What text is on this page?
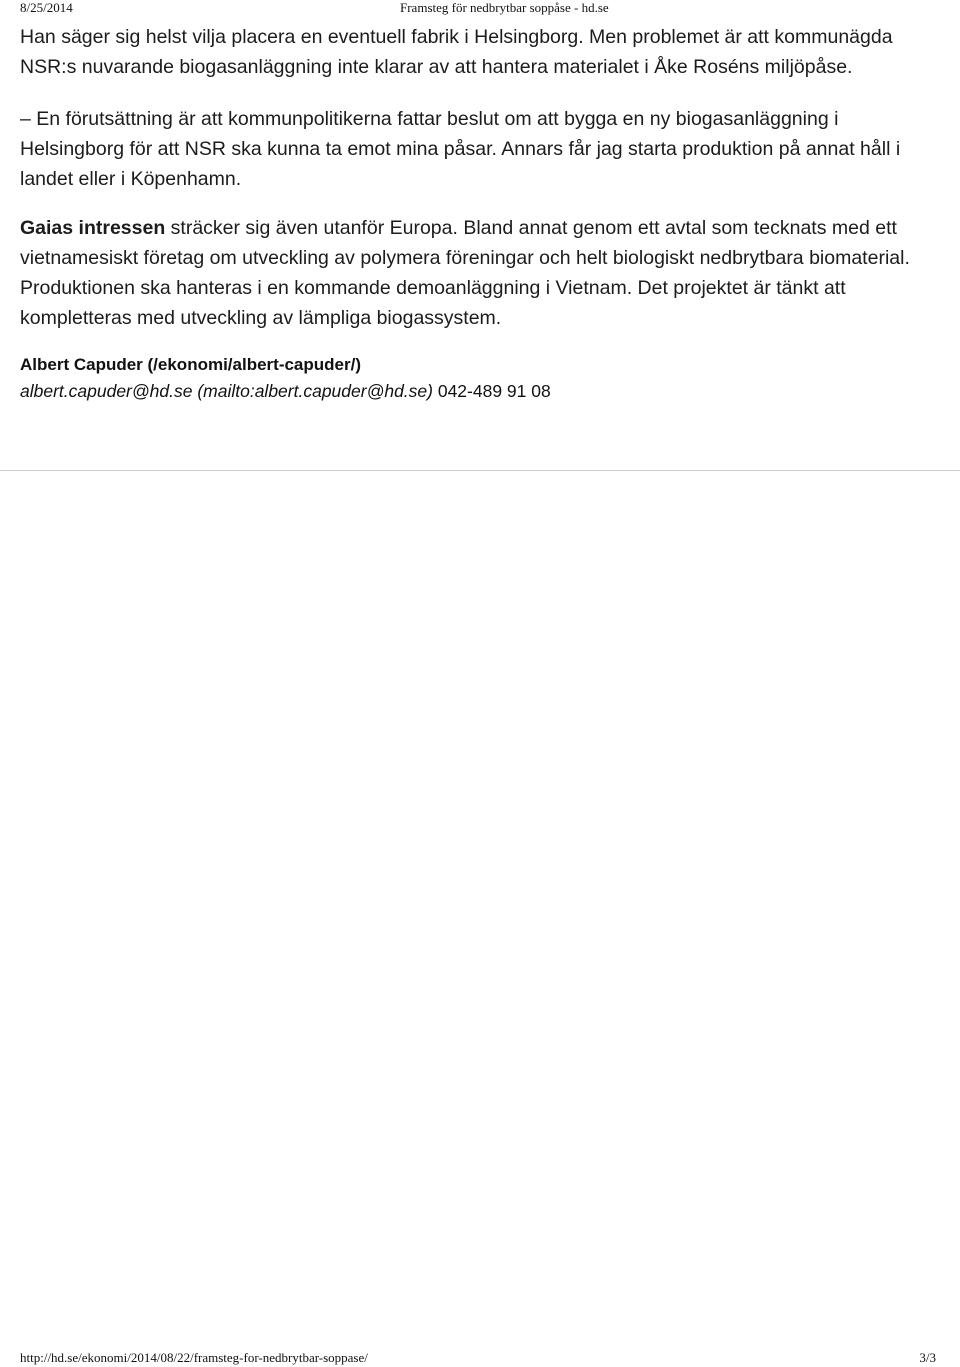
8/25/2014	Framsteg för nedbrytbar soppåse - hd.se

Han säger sig helst vilja placera en eventuell fabrik i Helsingborg. Men problemet är att kommunägda NSR:s nuvarande biogasanläggning inte klarar av att hantera materialet i Åke Roséns miljöpåse.

– En förutsättning är att kommunpolitikerna fattar beslut om att bygga en ny biogasanläggning i Helsingborg för att NSR ska kunna ta emot mina påsar. Annars får jag starta produktion på annat håll i landet eller i Köpenhamn.

Gaias intressen sträcker sig även utanför Europa. Bland annat genom ett avtal som tecknats med ett vietnamesiskt företag om utveckling av polymera föreningar och helt biologiskt nedbrytbara biomaterial. Produktionen ska hanteras i en kommande demoanläggning i Vietnam. Det projektet är tänkt att kompletteras med utveckling av lämpliga biogassystem.

Albert Capuder (/ekonomi/albert-capuder/)
albert.capuder@hd.se (mailto:albert.capuder@hd.se) 042-489 91 08
http://hd.se/ekonomi/2014/08/22/framsteg-for-nedbrytbar-soppase/	3/3
